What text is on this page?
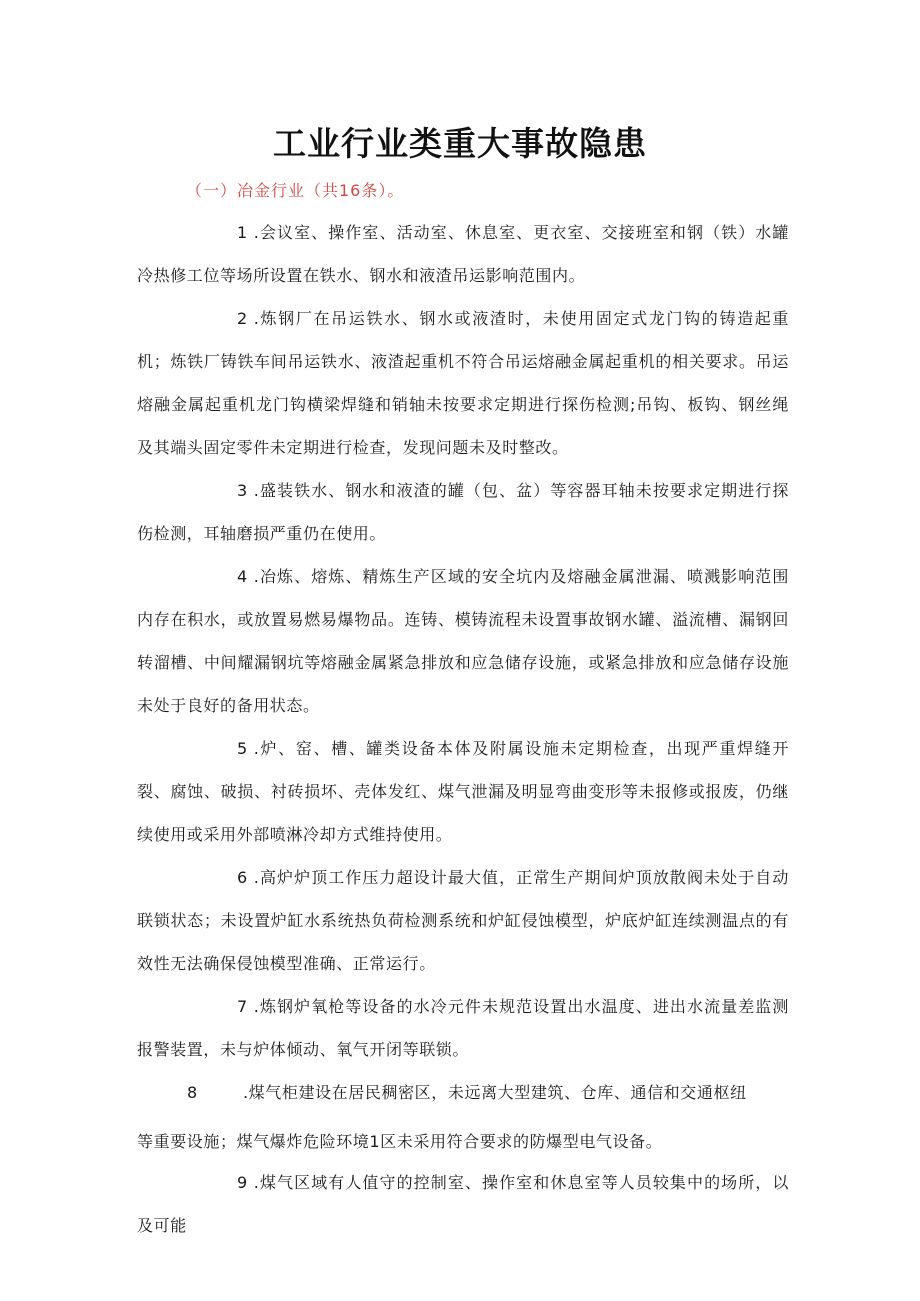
工业行业类重大事故隐患

（一）冶金行业（共16条）。

1 .会议室、操作室、活动室、休息室、更衣室、交接班室和钢（铁）水罐冷热修工位等场所设置在铁水、钢水和液渣吊运影响范围内。

2 .炼钢厂在吊运铁水、钢水或液渣时，未使用固定式龙门钩的铸造起重机；炼铁厂铸铁车间吊运铁水、液渣起重机不符合吊运熔融金属起重机的相关要求。吊运熔融金属起重机龙门钩横梁焊缝和销轴未按要求定期进行探伤检测;吊钩、板钩、钢丝绳及其端头固定零件未定期进行检查，发现问题未及时整改。

3 .盛装铁水、钢水和液渣的罐（包、盆）等容器耳轴未按要求定期进行探伤检测，耳轴磨损严重仍在使用。

4 .冶炼、熔炼、精炼生产区域的安全坑内及熔融金属泄漏、喷溅影响范围内存在积水，或放置易燃易爆物品。连铸、模铸流程未设置事故钢水罐、溢流槽、漏钢回转溜槽、中间耀漏钢坑等熔融金属紧急排放和应急储存设施，或紧急排放和应急储存设施未处于良好的备用状态。

5 .炉、窑、槽、罐类设备本体及附属设施未定期检查，出现严重焊缝开裂、腐蚀、破损、衬砖损坏、壳体发红、煤气泄漏及明显弯曲变形等未报修或报废，仍继续使用或采用外部喷淋冷却方式维持使用。

6 .高炉炉顶工作压力超设计最大值，正常生产期间炉顶放散阀未处于自动联锁状态；未设置炉缸水系统热负荷检测系统和炉缸侵蚀模型，炉底炉缸连续测温点的有效性无法确保侵蚀模型准确、正常运行。

7 .炼钢炉氧枪等设备的水冷元件未规范设置出水温度、进出水流量差监测报警装置，未与炉体倾动、氧气开闭等联锁。

8	.煤气柜建设在居民稠密区，未远离大型建筑、仓库、通信和交通枢纽

等重要设施；煤气爆炸危险环境1区未采用符合要求的防爆型电气设备。

9 .煤气区域有人值守的控制室、操作室和休息室等人员较集中的场所，以及可能
